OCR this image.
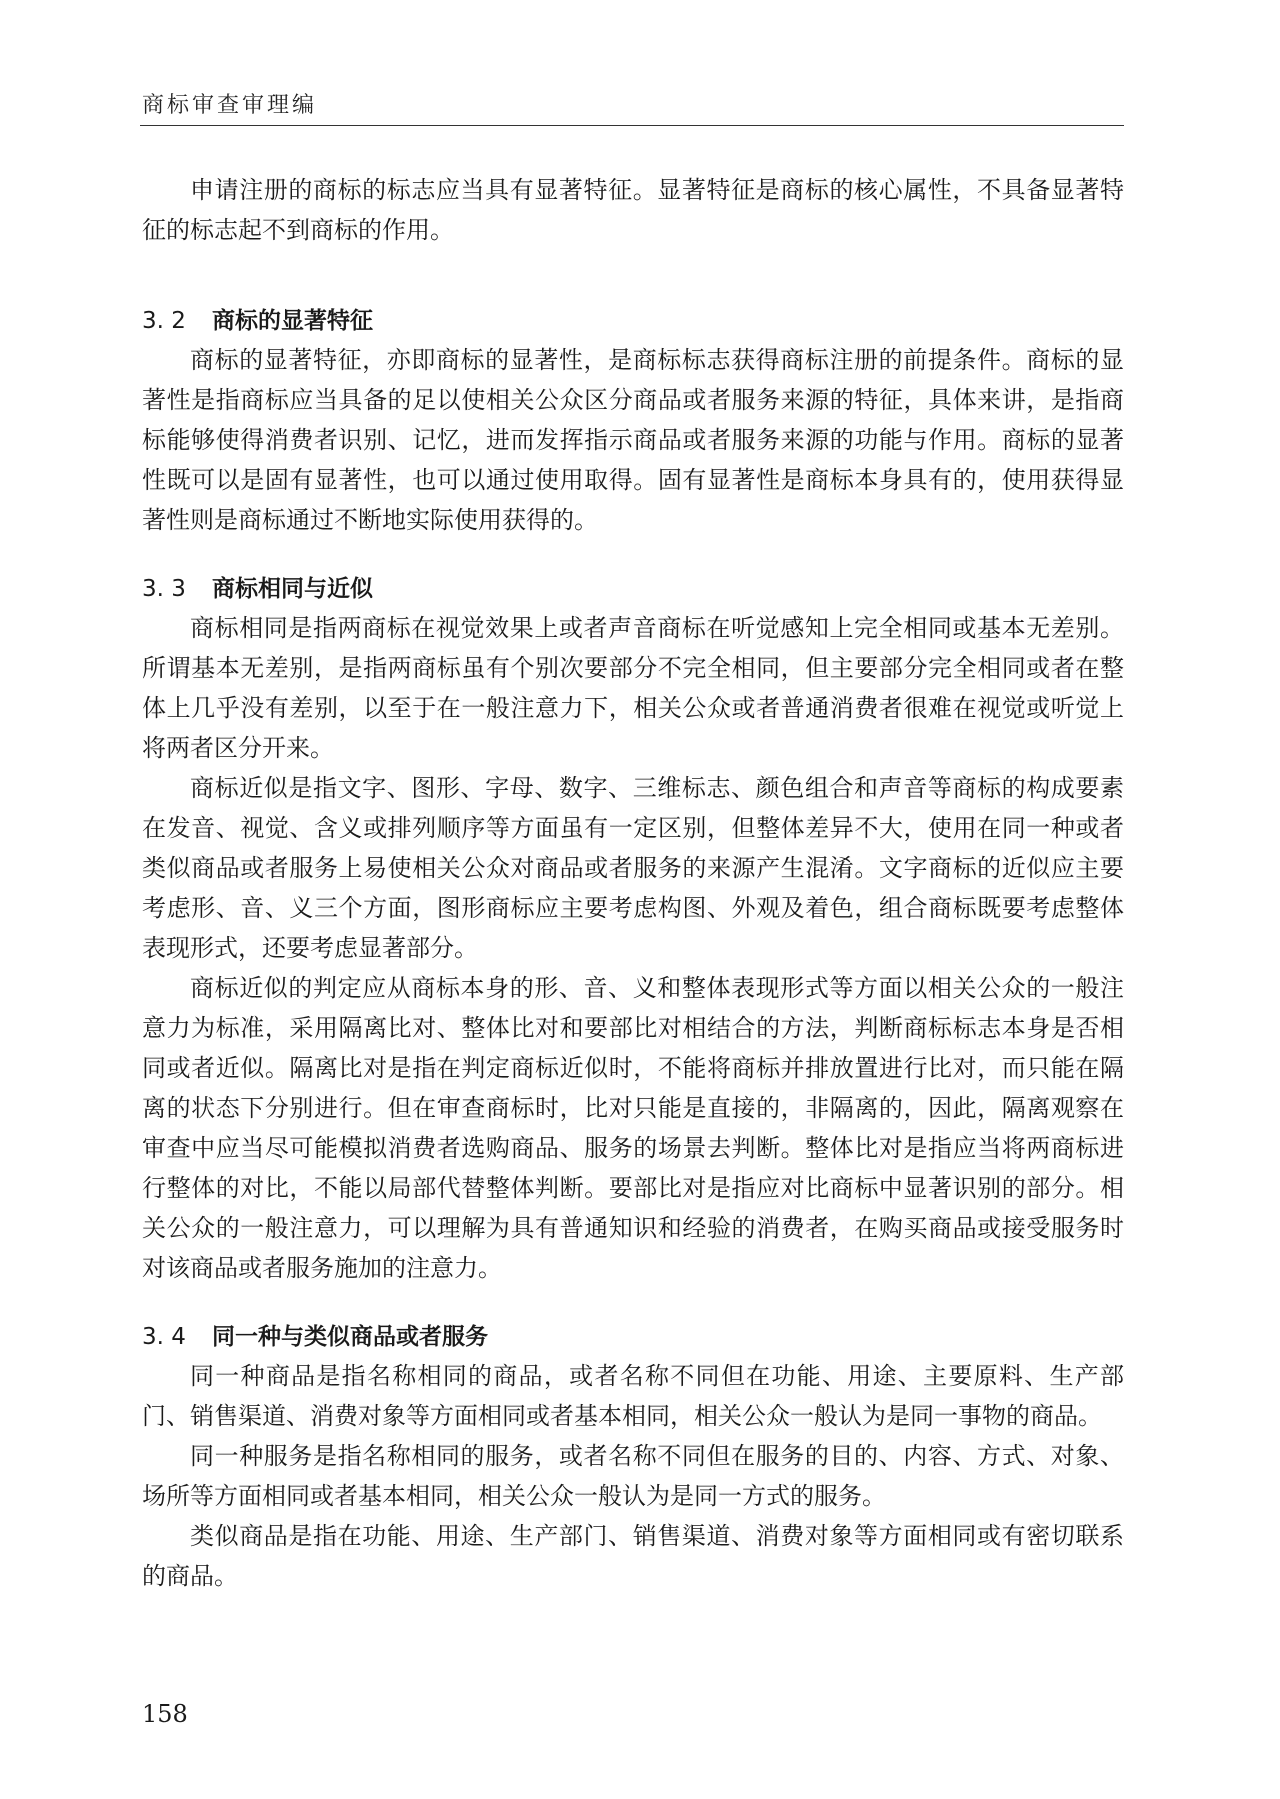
商标审查审理编

申请注册的商标的标志应当具有显著特征。显著特征是商标的核心属性，不具备显著特征的标志起不到商标的作用。

3. 2	商标的显著特征

商标的显著特征，亦即商标的显著性，是商标标志获得商标注册的前提条件。商标的显著性是指商标应当具备的足以使相关公众区分商品或者服务来源的特征，具体来讲，是指商标能够使得消费者识别、记忆，进而发挥指示商品或者服务来源的功能与作用。商标的显著性既可以是固有显著性，也可以通过使用取得。固有显著性是商标本身具有的，使用获得显著性则是商标通过不断地实际使用获得的。

3. 3	商标相同与近似

商标相同是指两商标在视觉效果上或者声音商标在听觉感知上完全相同或基本无差别。所谓基本无差别，是指两商标虽有个别次要部分不完全相同，但主要部分完全相同或者在整体上几乎没有差别，以至于在一般注意力下，相关公众或者普通消费者很难在视觉或听觉上将两者区分开来。

商标近似是指文字、图形、字母、数字、三维标志、颜色组合和声音等商标的构成要素在发音、视觉、含义或排列顺序等方面虽有一定区别，但整体差异不大，使用在同一种或者类似商品或者服务上易使相关公众对商品或者服务的来源产生混淆。文字商标的近似应主要考虑形、音、义三个方面，图形商标应主要考虑构图、外观及着色，组合商标既要考虑整体表现形式，还要考虑显著部分。

商标近似的判定应从商标本身的形、音、义和整体表现形式等方面以相关公众的一般注意力为标准，采用隔离比对、整体比对和要部比对相结合的方法，判断商标标志本身是否相同或者近似。隔离比对是指在判定商标近似时，不能将商标并排放置进行比对，而只能在隔离的状态下分别进行。但在审查商标时，比对只能是直接的，非隔离的，因此，隔离观察在审查中应当尽可能模拟消费者选购商品、服务的场景去判断。整体比对是指应当将两商标进行整体的对比，不能以局部代替整体判断。要部比对是指应对比商标中显著识别的部分。相关公众的一般注意力，可以理解为具有普通知识和经验的消费者，在购买商品或接受服务时对该商品或者服务施加的注意力。

3. 4	同一种与类似商品或者服务

同一种商品是指名称相同的商品，或者名称不同但在功能、用途、主要原料、生产部门、销售渠道、消费对象等方面相同或者基本相同，相关公众一般认为是同一事物的商品。

同一种服务是指名称相同的服务，或者名称不同但在服务的目的、内容、方式、对象、场所等方面相同或者基本相同，相关公众一般认为是同一方式的服务。

类似商品是指在功能、用途、生产部门、销售渠道、消费对象等方面相同或有密切联系的商品。

158
